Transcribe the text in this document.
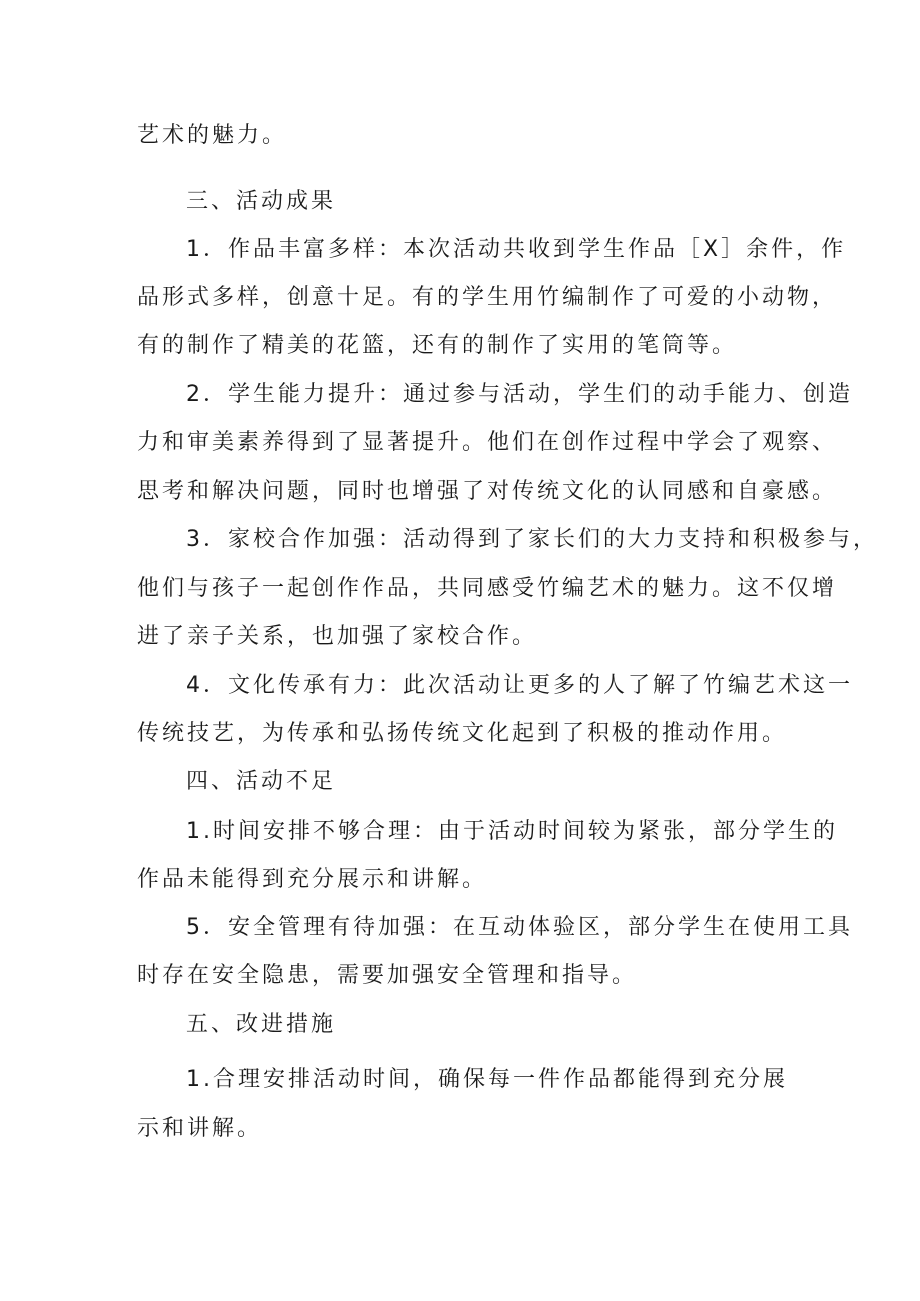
艺术的魅力。
三、活动成果
1．作品丰富多样：本次活动共收到学生作品［X］余件，作
品形式多样，创意十足。有的学生用竹编制作了可爱的小动物，
有的制作了精美的花篮，还有的制作了实用的笔筒等。
2．学生能力提升：通过参与活动，学生们的动手能力、创造
力和审美素养得到了显著提升。他们在创作过程中学会了观察、
思考和解决问题，同时也增强了对传统文化的认同感和自豪感。
3．家校合作加强：活动得到了家长们的大力支持和积极参与，
他们与孩子一起创作作品，共同感受竹编艺术的魅力。这不仅增
进了亲子关系，也加强了家校合作。
4．文化传承有力：此次活动让更多的人了解了竹编艺术这一
传统技艺，为传承和弘扬传统文化起到了积极的推动作用。
四、活动不足
1.时间安排不够合理：由于活动时间较为紧张，部分学生的
作品未能得到充分展示和讲解。
5．安全管理有待加强：在互动体验区，部分学生在使用工具
时存在安全隐患，需要加强安全管理和指导。
五、改进措施
1.合理安排活动时间，确保每一件作品都能得到充分展
示和讲解。
